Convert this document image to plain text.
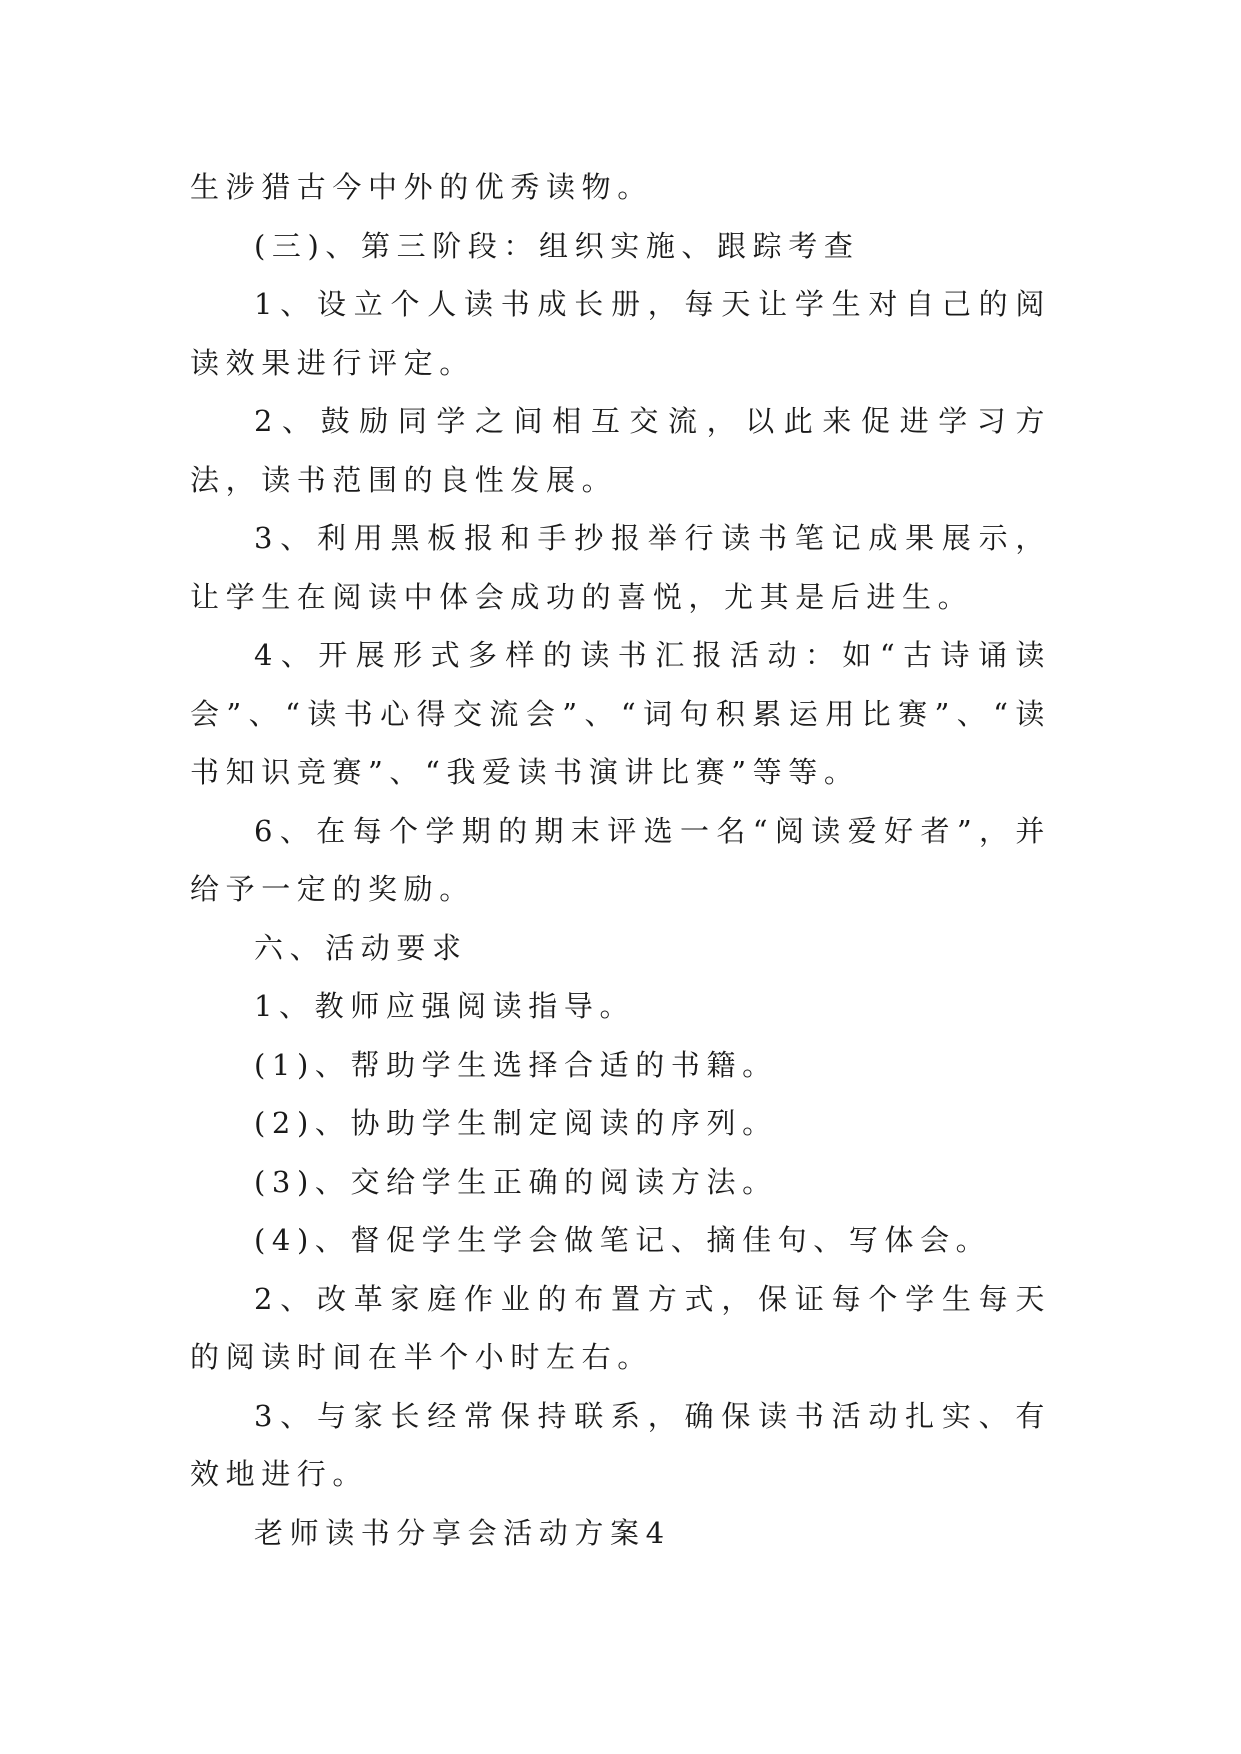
生涉猎古今中外的优秀读物。

(三)、第三阶段：组织实施、跟踪考查

1、设立个人读书成长册，每天让学生对自己的阅读效果进行评定。

2、鼓励同学之间相互交流，以此来促进学习方法，读书范围的良性发展。

3、利用黑板报和手抄报举行读书笔记成果展示，让学生在阅读中体会成功的喜悦，尤其是后进生。

4、开展形式多样的读书汇报活动：如“古诗诵读会”、“读书心得交流会”、“词句积累运用比赛”、“读书知识竞赛”、“我爱读书演讲比赛”等等。

6、在每个学期的期末评选一名“阅读爱好者”，并给予一定的奖励。

六、活动要求

1、教师应强阅读指导。

(1)、帮助学生选择合适的书籍。

(2)、协助学生制定阅读的序列。

(3)、交给学生正确的阅读方法。

(4)、督促学生学会做笔记、摘佳句、写体会。

2、改革家庭作业的布置方式，保证每个学生每天的阅读时间在半个小时左右。

3、与家长经常保持联系，确保读书活动扎实、有效地进行。

老师读书分享会活动方案4
